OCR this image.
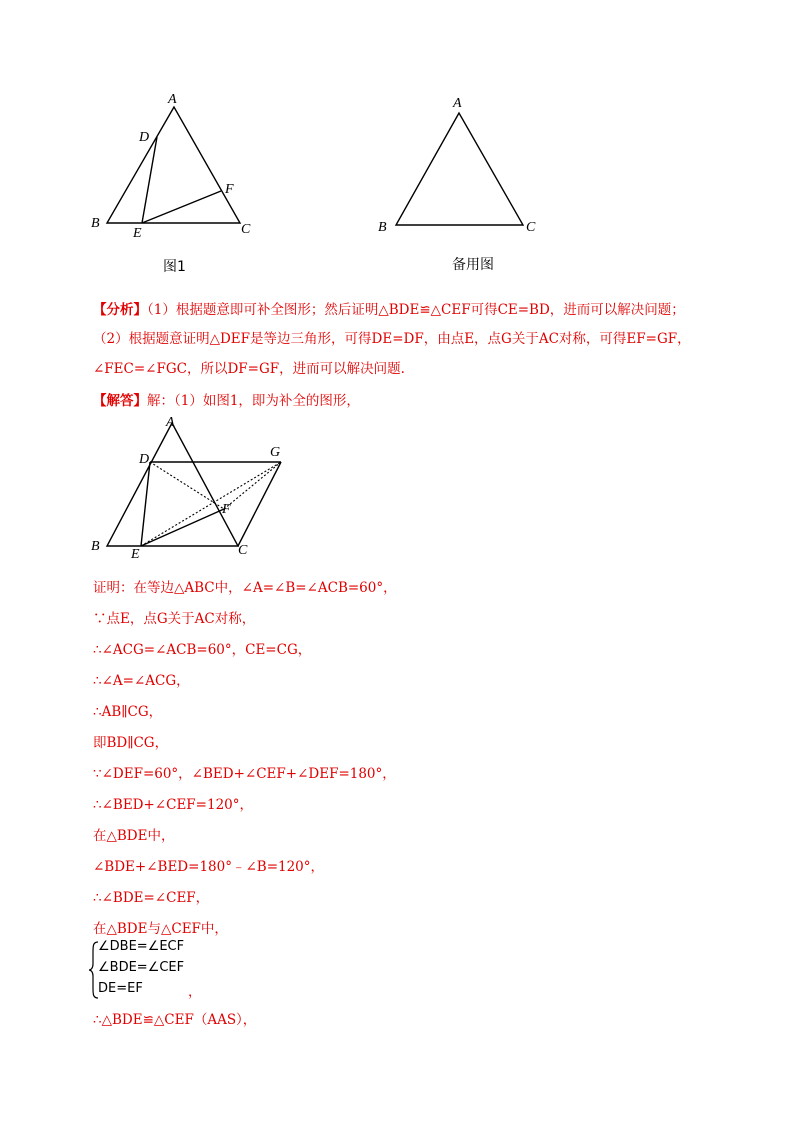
A
D
F
B
E	C
图1
A
B	C
备用图
【分析】（1）根据题意即可补全图形；然后证明△BDE≌△CEF可得CE=BD，进而可以解决问题；
（2）根据题意证明△DEF是等边三角形，可得DE=DF，由点E，点G关于AC对称，可得EF=GF，
∠FEC=∠FGC，所以DF=GF，进而可以解决问题.
【解答】解：（1）如图1，即为补全的图形，
A
D	G
F
B
E	C
证明：在等边△ABC中，∠A=∠B=∠ACB=60°，
∵点E，点G关于AC对称，
∴∠ACG=∠ACB=60°，CE=CG，
∴∠A=∠ACG，
∴AB∥CG，
即BD∥CG，
∵∠DEF=60°，∠BED+∠CEF+∠DEF=180°，
∴∠BED+∠CEF=120°，
在△BDE中，
∠BDE+∠BED=180°﹣∠B=120°，
∴∠BDE=∠CEF，
在△BDE与△CEF中，
∠DBE=∠ECF
∠BDE=∠CEF
DE=EF	，
∴△BDE≌△CEF（AAS），
